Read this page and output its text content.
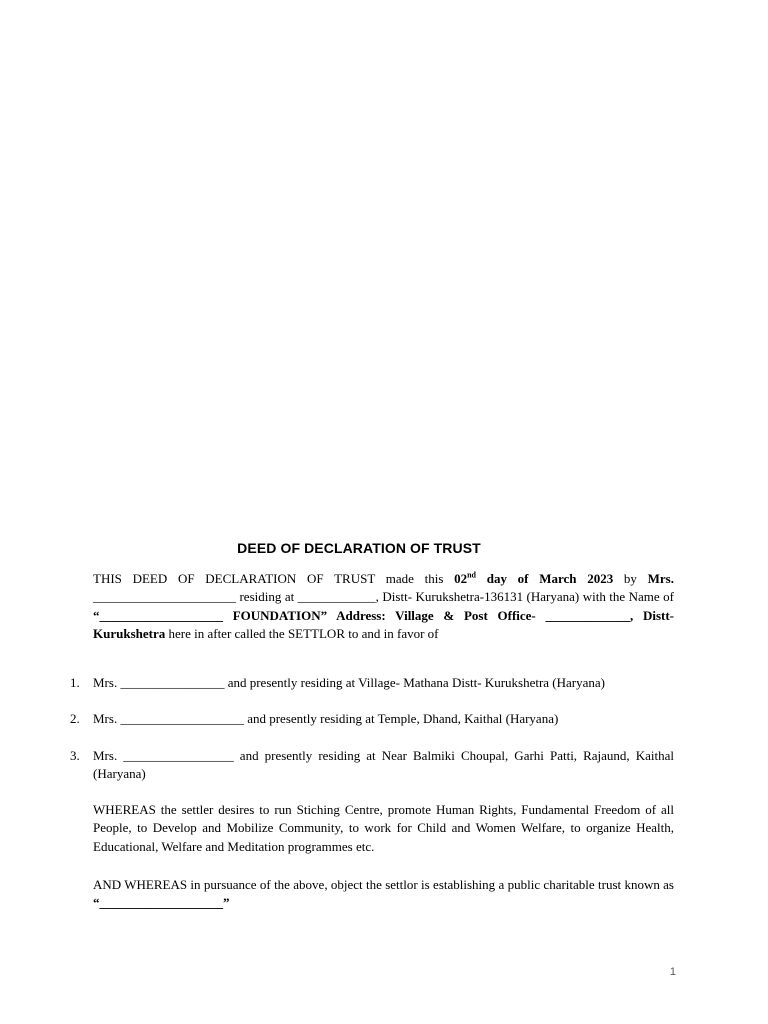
DEED OF DECLARATION OF TRUST
THIS DEED OF DECLARATION OF TRUST made this 02nd day of March 2023 by Mrs. ______________________ residing at ____________, Distt- Kurukshetra-136131 (Haryana) with the Name of “___________________ FOUNDATION” Address: Village & Post Office- _____________, Distt- Kurukshetra here in after called the SETTLOR to and in favor of
1.	Mrs. ________________ and presently residing at Village- Mathana Distt- Kurukshetra (Haryana)
2.	Mrs. ___________________ and presently residing at Temple, Dhand, Kaithal (Haryana)
3.	Mrs. _________________ and presently residing at Near Balmiki Choupal, Garhi Patti, Rajaund, Kaithal (Haryana)
WHEREAS the settler desires to run Stiching Centre, promote Human Rights, Fundamental Freedom of all People, to Develop and Mobilize Community, to work for Child and Women Welfare, to organize Health, Educational, Welfare and Meditation programmes etc.
AND WHEREAS in pursuance of the above, object the settlor is establishing a public charitable trust known as “___________________”
1
